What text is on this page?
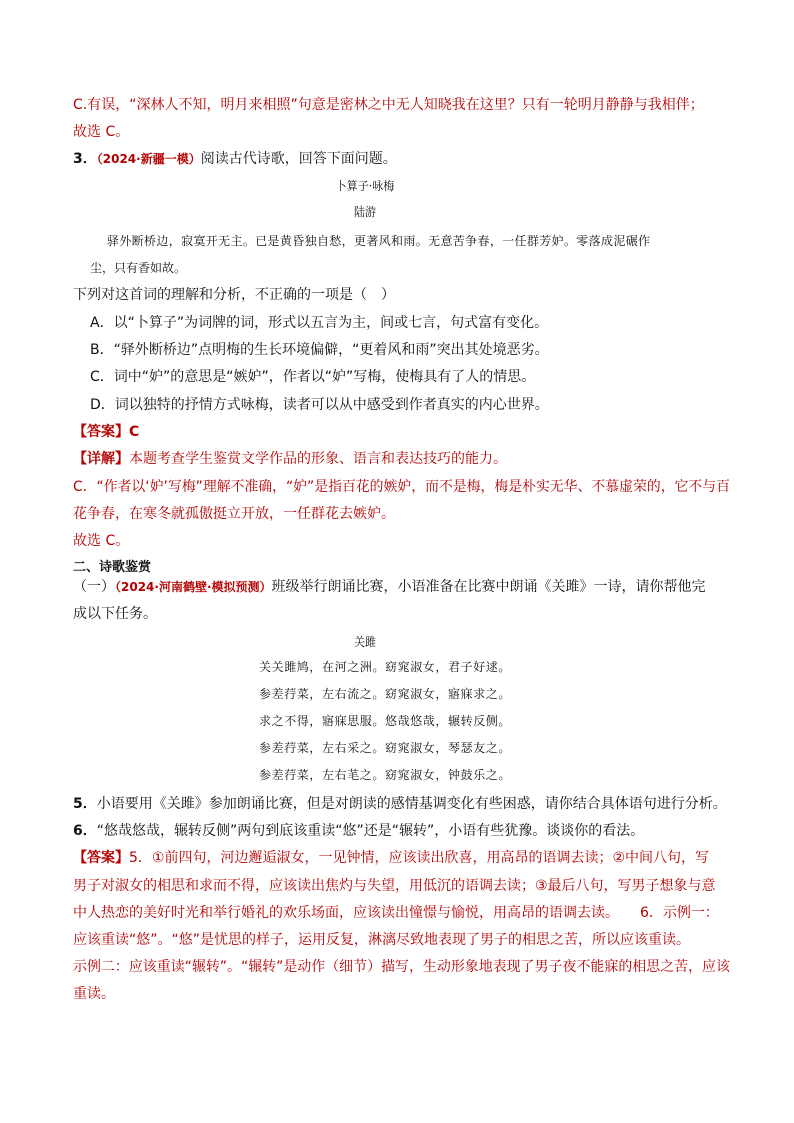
C.有误，“深林人不知，明月来相照”句意是密林之中无人知晓我在这里？只有一轮明月静静与我相伴；
故选 C。
3．（2024·新疆一模）阅读古代诗歌，回答下面问题。
卜算子·咏梅
陆游
驿外断桥边，寂寞开无主。已是黄昏独自愁，更著风和雨。无意苦争春，一任群芳妒。零落成泥碾作
尘，只有香如故。
下列对这首词的理解和分析，不正确的一项是（　）
A．以“卜算子”为词牌的词，形式以五言为主，间或七言，句式富有变化。
B．“驿外断桥边”点明梅的生长环境偏僻，“更着风和雨”突出其处境恶劣。
C．词中“妒”的意思是“嫉妒”，作者以“妒”写梅，使梅具有了人的情思。
D．词以独特的抒情方式咏梅，读者可以从中感受到作者真实的内心世界。
【答案】C
【详解】本题考查学生鉴赏文学作品的形象、语言和表达技巧的能力。
C．“作者以‘妒’写梅”理解不准确，“妒”是指百花的嫉妒，而不是梅，梅是朴实无华、不慕虚荣的，它不与百
花争春，在寒冬就孤傲挺立开放，一任群花去嫉妒。
故选 C。
二、诗歌鉴赏
（一）（2024·河南鹤壁·模拟预测）班级举行朗诵比赛，小语准备在比赛中朗诵《关雎》一诗，请你帮他完
成以下任务。
关雎
关关雎鸠，在河之洲。窈窕淑女，君子好逑。
参差荇菜，左右流之。窈窕淑女，寤寐求之。
求之不得，寤寐思服。悠哉悠哉，辗转反侧。
参差荇菜，左右采之。窈窕淑女，琴瑟友之。
参差荇菜，左右芼之。窈窕淑女，钟鼓乐之。
5．小语要用《关雎》参加朗诵比赛，但是对朗读的感情基调变化有些困惑，请你结合具体语句进行分析。
6．“悠哉悠哉，辗转反侧”两句到底该重读“悠”还是“辗转”，小语有些犹豫。谈谈你的看法。
【答案】5．①前四句，河边邂逅淑女，一见钟情，应该读出欣喜，用高昂的语调去读；②中间八句，写
男子对淑女的相思和求而不得，应该读出焦灼与失望，用低沉的语调去读；③最后八句，写男子想象与意
中人热恋的美好时光和举行婚礼的欢乐场面，应该读出憧憬与愉悦，用高昂的语调去读。　　6．示例一：
应该重读“悠”。“悠”是忧思的样子，运用反复，淋漓尽致地表现了男子的相思之苦，所以应该重读。
示例二：应该重读“辗转”。“辗转”是动作（细节）描写，生动形象地表现了男子夜不能寐的相思之苦，应该
重读。
